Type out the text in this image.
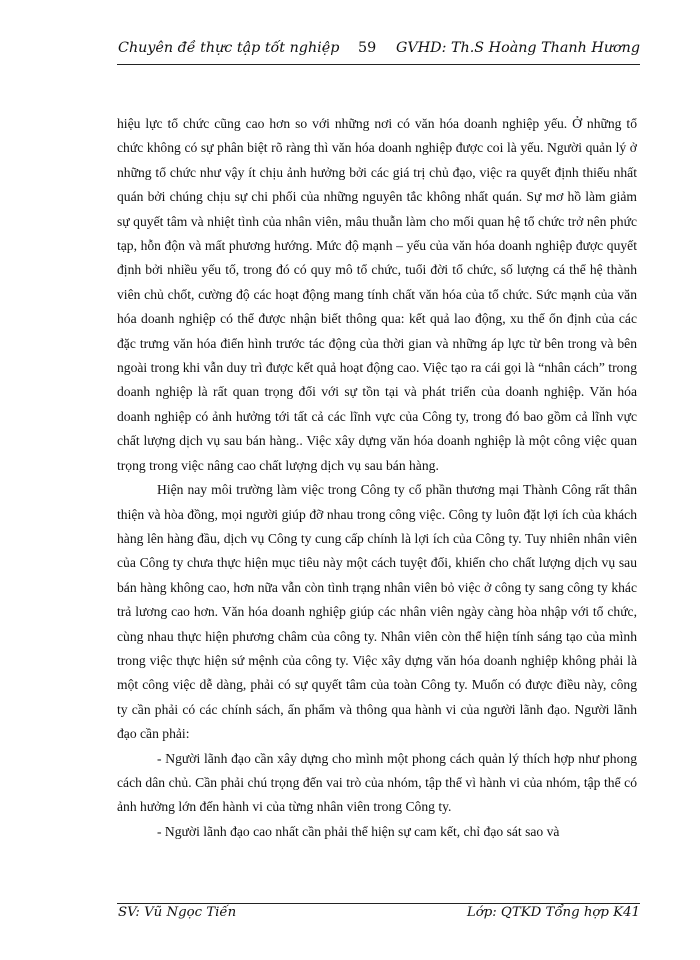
Chuyên đề thực tập tốt nghiệp 59 GVHD: Th.S Hoàng Thanh Hương

hiệu lực tổ chức cũng cao hơn so với những nơi có văn hóa doanh nghiệp yếu. Ở những tổ chức không có sự phân biệt rõ ràng thì văn hóa doanh nghiệp được coi là yếu. Người quản lý ở những tổ chức như vậy ít chịu ảnh hưởng bởi các giá trị chủ đạo, việc ra quyết định thiếu nhất quán bởi chúng chịu sự chi phối của những nguyên tắc không nhất quán. Sự mơ hồ làm giảm sự quyết tâm và nhiệt tình của nhân viên, mâu thuẫn làm cho mối quan hệ tổ chức trở nên phức tạp, hỗn độn và mất phương hướng. Mức độ mạnh – yếu của văn hóa doanh nghiệp được quyết định bởi nhiều yếu tố, trong đó có quy mô tổ chức, tuổi đời tổ chức, số lượng cá thể hệ thành viên chủ chốt, cường độ các hoạt động mang tính chất văn hóa của tổ chức. Sức mạnh của văn hóa doanh nghiệp có thể được nhận biết thông qua: kết quả lao động, xu thế ổn định của các đặc trưng văn hóa điển hình trước tác động của thời gian và những áp lực từ bên trong và bên ngoài trong khi vẫn duy trì được kết quả hoạt động cao. Việc tạo ra cái gọi là “nhân cách” trong doanh nghiệp là rất quan trọng đối với sự tồn tại và phát triển của doanh nghiệp. Văn hóa doanh nghiệp có ảnh hưởng tới tất cả các lĩnh vực của Công ty, trong đó bao gồm cả lĩnh vực chất lượng dịch vụ sau bán hàng.. Việc xây dựng văn hóa doanh nghiệp là một công việc quan trọng trong việc nâng cao chất lượng dịch vụ sau bán hàng.

Hiện nay môi trường làm việc trong Công ty cổ phần thương mại Thành Công rất thân thiện và hòa đồng, mọi người giúp đỡ nhau trong công việc. Công ty luôn đặt lợi ích của khách hàng lên hàng đầu, dịch vụ Công ty cung cấp chính là lợi ích của Công ty. Tuy nhiên nhân viên của Công ty chưa thực hiện mục tiêu này một cách tuyệt đối, khiến cho chất lượng dịch vụ sau bán hàng không cao, hơn nữa vẫn còn tình trạng nhân viên bỏ việc ở công ty sang công ty khác trả lương cao hơn. Văn hóa doanh nghiệp giúp các nhân viên ngày càng hòa nhập với tổ chức, cùng nhau thực hiện phương châm của công ty. Nhân viên còn thể hiện tính sáng tạo của mình trong việc thực hiện sứ mệnh của công ty. Việc xây dựng văn hóa doanh nghiệp không phải là một công việc dễ dàng, phải có sự quyết tâm của toàn Công ty. Muốn có được điều này, công ty cần phải có các chính sách, ấn phẩm và thông qua hành vi của người lãnh đạo. Người lãnh đạo cần phải:

- Người lãnh đạo cần xây dựng cho mình một phong cách quản lý thích hợp như phong cách dân chủ. Cần phải chú trọng đến vai trò của nhóm, tập thể vì hành vi của nhóm, tập thể có ảnh hưởng lớn đến hành vi của từng nhân viên trong Công ty.

- Người lãnh đạo cao nhất cần phải thể hiện sự cam kết, chỉ đạo sát sao và

SV: Vũ Ngọc Tiến	Lớp: QTKD Tổng hợp K41
